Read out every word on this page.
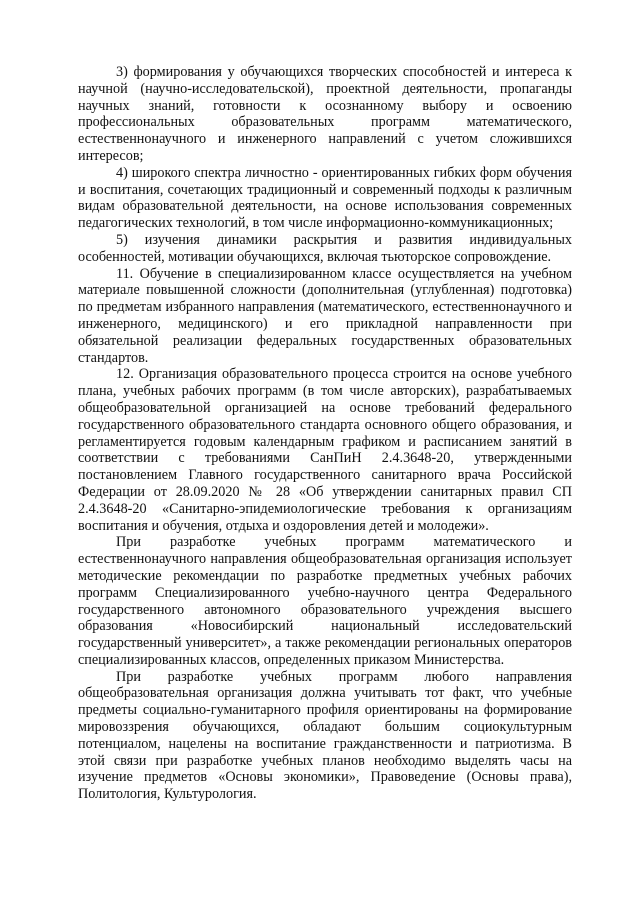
3) формирования у обучающихся творческих способностей и интереса к научной (научно-исследовательской), проектной деятельности, пропаганды научных знаний, готовности к осознанному выбору и освоению профессиональных образовательных программ математического, естественнонаучного и инженерного направлений с учетом сложившихся интересов;

4) широкого спектра личностно - ориентированных гибких форм обучения и воспитания, сочетающих традиционный и современный подходы к различным видам образовательной деятельности, на основе использования современных педагогических технологий, в том числе информационно-коммуникационных;

5) изучения динамики раскрытия и развития индивидуальных особенностей, мотивации обучающихся, включая тьюторское сопровождение.

11. Обучение в специализированном классе осуществляется на учебном материале повышенной сложности (дополнительная (углубленная) подготовка) по предметам избранного направления (математического, естественнонаучного и инженерного, медицинского) и его прикладной направленности при обязательной реализации федеральных государственных образовательных стандартов.

12. Организация образовательного процесса строится на основе учебного плана, учебных рабочих программ (в том числе авторских), разрабатываемых общеобразовательной организацией на основе требований федерального государственного образовательного стандарта основного общего образования, и регламентируется годовым календарным графиком и расписанием занятий в соответствии с требованиями СанПиН 2.4.3648-20, утвержденными постановлением Главного государственного санитарного врача Российской Федерации от 28.09.2020 № 28 «Об утверждении санитарных правил СП 2.4.3648-20 «Санитарно-эпидемиологические требования к организациям воспитания и обучения, отдыха и оздоровления детей и молодежи».

При разработке учебных программ математического и естественнонаучного направления общеобразовательная организация использует методические рекомендации по разработке предметных учебных рабочих программ Специализированного учебно-научного центра Федерального государственного автономного образовательного учреждения высшего образования «Новосибирский национальный исследовательский государственный университет», а также рекомендации региональных операторов специализированных классов, определенных приказом Министерства.

При разработке учебных программ любого направления общеобразовательная организация должна учитывать тот факт, что учебные предметы социально-гуманитарного профиля ориентированы на формирование мировоззрения обучающихся, обладают большим социокультурным потенциалом, нацелены на воспитание гражданственности и патриотизма. В этой связи при разработке учебных планов необходимо выделять часы на изучение предметов «Основы экономики», Правоведение (Основы права), Политология, Культурология.
